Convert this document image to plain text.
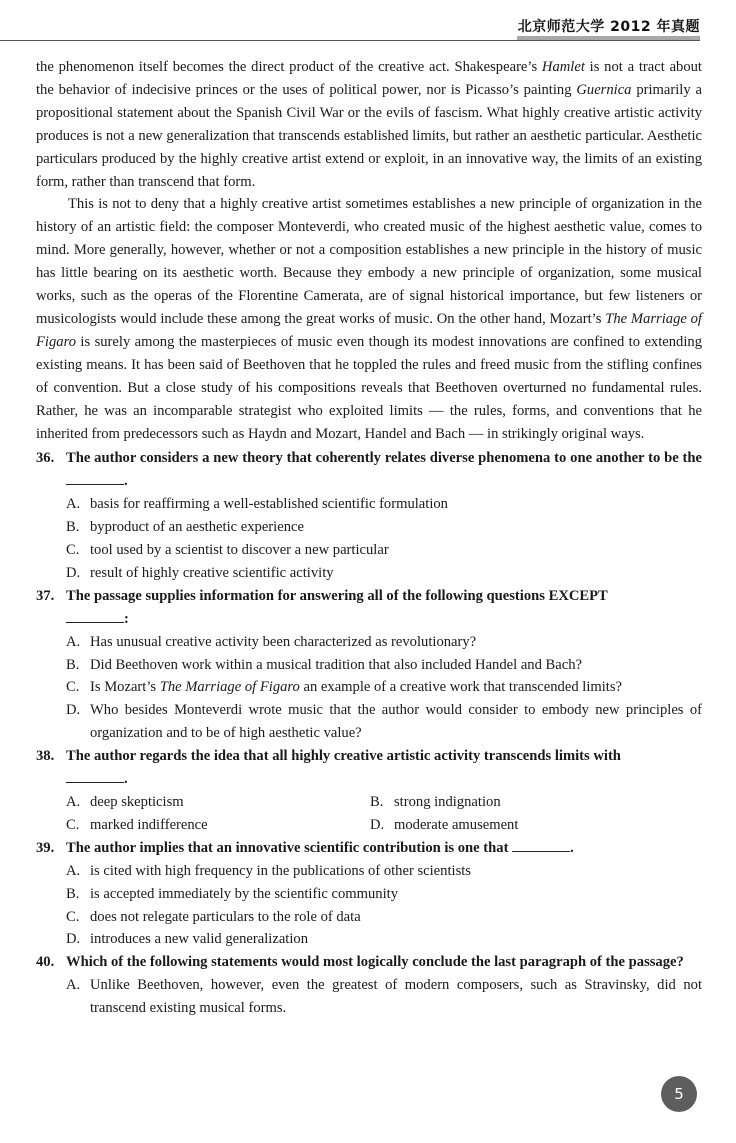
北京师范大学 2012 年真题

the phenomenon itself becomes the direct product of the creative act. Shakespeare’s Hamlet is not a tract about the behavior of indecisive princes or the uses of political power, nor is Picasso’s painting Guernica primarily a propositional statement about the Spanish Civil War or the evils of fascism. What highly creative artistic activity produces is not a new generalization that transcends established limits, but rather an aesthetic particular. Aesthetic particulars produced by the highly creative artist extend or exploit, in an innovative way, the limits of an existing form, rather than transcend that form.

This is not to deny that a highly creative artist sometimes establishes a new principle of organization in the history of an artistic field: the composer Monteverdi, who created music of the highest aesthetic value, comes to mind. More generally, however, whether or not a composition establishes a new principle in the history of music has little bearing on its aesthetic worth. Because they embody a new principle of organization, some musical works, such as the operas of the Florentine Camerata, are of signal historical importance, but few listeners or musicologists would include these among the great works of music. On the other hand, Mozart’s The Marriage of Figaro is surely among the masterpieces of music even though its modest innovations are confined to extending existing means. It has been said of Beethoven that he toppled the rules and freed music from the stifling confines of convention. But a close study of his compositions reveals that Beethoven overturned no fundamental rules. Rather, he was an incomparable strategist who exploited limits — the rules, forms, and conventions that he inherited from predecessors such as Haydn and Mozart, Handel and Bach — in strikingly original ways.

36. The author considers a new theory that coherently relates diverse phenomena to one another to be the .
A. basis for reaffirming a well-established scientific formulation
B. byproduct of an aesthetic experience
C. tool used by a scientist to discover a new particular
D. result of highly creative scientific activity
37. The passage supplies information for answering all of the following questions EXCEPT
:
A. Has unusual creative activity been characterized as revolutionary?
B. Did Beethoven work within a musical tradition that also included Handel and Bach?
C. Is Mozart’s The Marriage of Figaro an example of a creative work that transcended limits?
D. Who besides Monteverdi wrote music that the author would consider to embody new principles of organization and to be of high aesthetic value?
38. The author regards the idea that all highly creative artistic activity transcends limits with
.
A. deep skepticism	B. strong indignation
C. marked indifference	D. moderate amusement
39. The author implies that an innovative scientific contribution is one that	.
A. is cited with high frequency in the publications of other scientists
B. is accepted immediately by the scientific community
C. does not relegate particulars to the role of data
D. introduces a new valid generalization
40. Which of the following statements would most logically conclude the last paragraph of the passage?
A. Unlike Beethoven, however, even the greatest of modern composers, such as Stravinsky, did not transcend existing musical forms.
5
